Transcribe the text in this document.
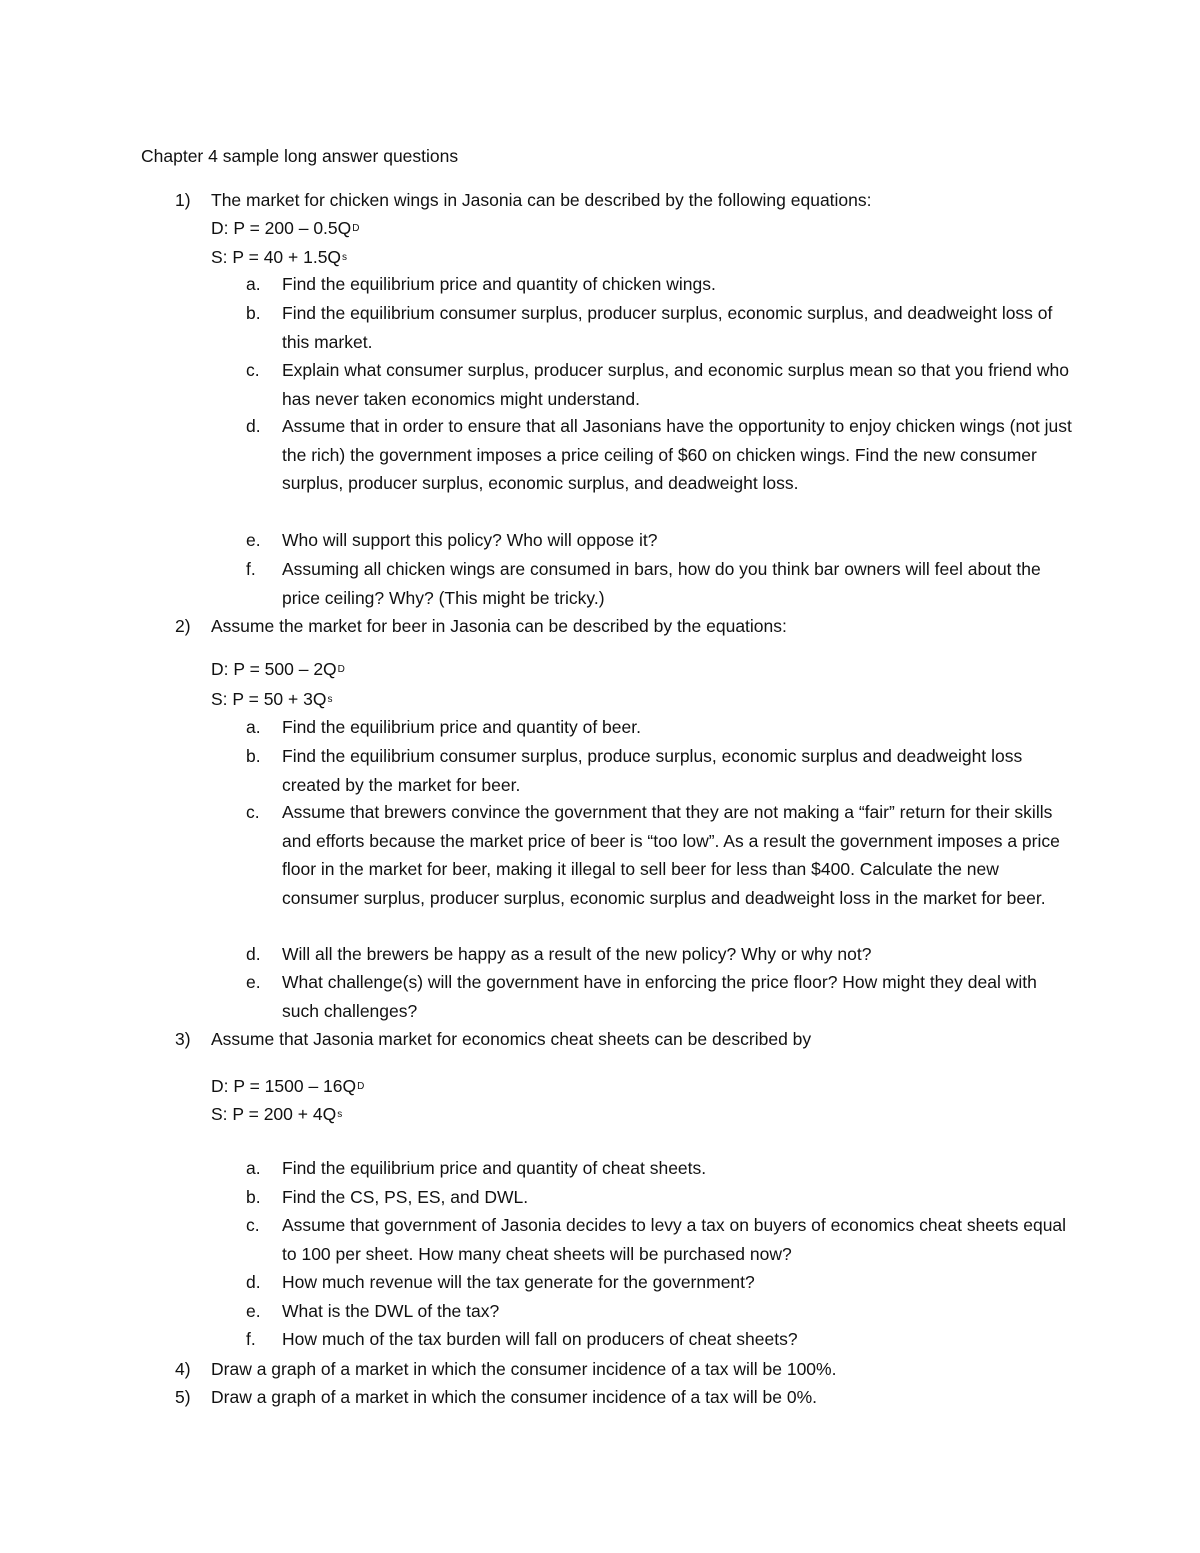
Chapter 4 sample long answer questions
1)	The market for chicken wings in Jasonia can be described by the following equations:
D: $P = 200 - 0.5Q^D$
S: $P = 40 + 1.5Q^s$
a.	Find the equilibrium price and quantity of chicken wings.
b.	Find the equilibrium consumer surplus, producer surplus, economic surplus, and deadweight loss of this market.
c.	Explain what consumer surplus, producer surplus, and economic surplus mean so that you friend who has never taken economics might understand.
d.	Assume that in order to ensure that all Jasonians have the opportunity to enjoy chicken wings (not just the rich) the government imposes a price ceiling of $60 on chicken wings. Find the new consumer surplus, producer surplus, economic surplus, and deadweight loss.
e.	Who will support this policy? Who will oppose it?
f.	Assuming all chicken wings are consumed in bars, how do you think bar owners will feel about the price ceiling? Why? (This might be tricky.)
2)	Assume the market for beer in Jasonia can be described by the equations:
D: $P = 500 - 2Q^D$
S: $P = 50 + 3Q^s$
a.	Find the equilibrium price and quantity of beer.
b.	Find the equilibrium consumer surplus, produce surplus, economic surplus and deadweight loss created by the market for beer.
c.	Assume that brewers convince the government that they are not making a “fair” return for their skills and efforts because the market price of beer is “too low”. As a result the government imposes a price floor in the market for beer, making it illegal to sell beer for less than $400. Calculate the new consumer surplus, producer surplus, economic surplus and deadweight loss in the market for beer.
d.	Will all the brewers be happy as a result of the new policy? Why or why not?
e.	What challenge(s) will the government have in enforcing the price floor? How might they deal with such challenges?
3)	Assume that Jasonia market for economics cheat sheets can be described by
D: $P = 1500 - 16Q^D$
S: $P = 200 + 4Q^s$
a.	Find the equilibrium price and quantity of cheat sheets.
b.	Find the CS, PS, ES, and DWL.
c.	Assume that government of Jasonia decides to levy a tax on buyers of economics cheat sheets equal to 100 per sheet. How many cheat sheets will be purchased now?
d.	How much revenue will the tax generate for the government?
e.	What is the DWL of the tax?
f.	How much of the tax burden will fall on producers of cheat sheets?
4)	Draw a graph of a market in which the consumer incidence of a tax will be 100%.
5)	Draw a graph of a market in which the consumer incidence of a tax will be 0%.
